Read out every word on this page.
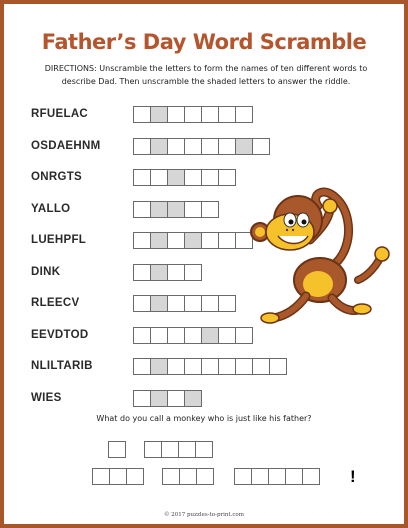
Father’s Day Word Scramble
DIRECTIONS: Unscramble the letters to form the names of ten different words to describe Dad. Then unscramble the shaded letters to answer the riddle.
RFUELAC
OSDAEHNM
ONRGTS
YALLO
LUEHPFL
DINK
RLEECV
EEVDTOD
NLILTARIB
WIES
What do you call a monkey who is just like his father?
!
© 2017 puzzles-to-print.com
